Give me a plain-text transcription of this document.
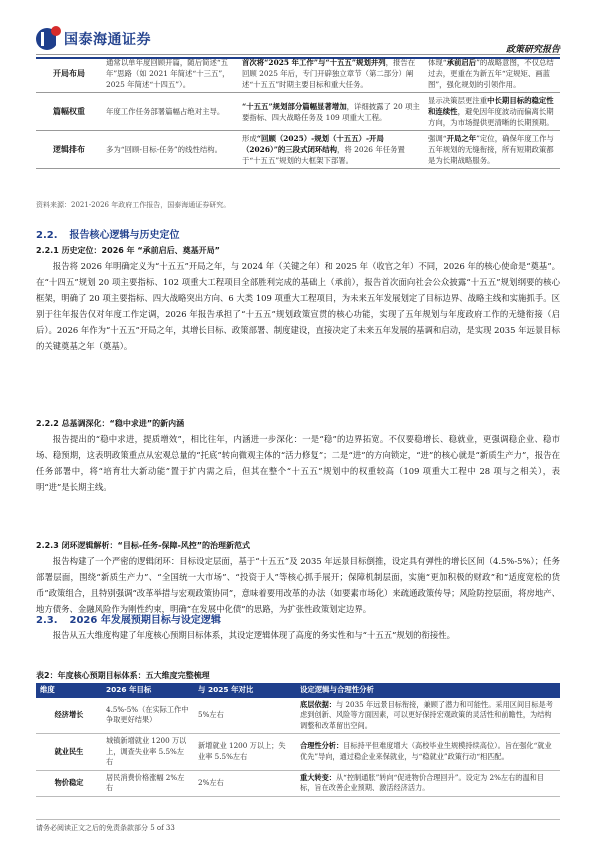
国泰海通证券
政策研究报告
开局布局	通常以单年度回顾开篇，随后简述“五年”思路（如 2021 年简述“十三五”， 2025 年简述“十四五”）。	首次将“2025 年工作”与“十五五”规划并列，报告在回顾 2025 年后，专门开辟独立章节（第二部分）阐述“十五五”时期主要目标和重大任务。	体现“承前启后”的战略意图，不仅总结过去，更重在为新五年“定规矩、画蓝图”，强化规划的引领作用。
篇幅权重	年度工作任务部署篇幅占绝对主导。	“十五五”规划部分篇幅显著增加，详细披露了 20 项主要指标、四大战略任务及 109 项重大工程。	显示决策层更注重中长期目标的稳定性和连续性，避免因年度波动而偏离长期方向，为市场提供更清晰的长期预期。
逻辑排布	多为“回顾-目标-任务”的线性结构。	形成“回顾（2025）-规划（十五五）-开局（2026）”的三段式闭环结构，将 2026 年任务置于“十五五”规划的大框架下部署。	强调“开局之年”定位，确保年度工作与五年规划的无缝衔接，所有短期政策都是为长期战略服务。
资料来源：2021-2026 年政府工作报告，国泰海通证券研究。
2.2. 报告核心逻辑与历史定位
2.2.1 历史定位：2026 年 “承前启后、奠基开局”
报告将 2026 年明确定义为“十五五”开局之年，与 2024 年（关键之年）和 2025 年（收官之年）不同，2026 年的核心使命是“奠基”。在“十四五”规划 20 项主要指标、102 项重大工程项目全部胜利完成的基础上（承前），报告首次面向社会公众披露“十五五”规划纲要的核心框架，明确了 20 项主要指标、四大战略突出方向、6 大类 109 项重大工程项目，为未来五年发展划定了目标边界、战略主线和实施抓手。区别于往年报告仅对年度工作定调，2026 年报告承担了“十五五”规划政策宣贯的核心功能，实现了五年规划与年度政府工作的无缝衔接（启后）。2026 年作为“十五五”开局之年，其增长目标、政策部署、制度建设，直接决定了未来五年发展的基调和启动，是实现 2035 年远景目标的关键奠基之年（奠基）。
2.2.2 总基调深化：“稳中求进”的新内涵
报告提出的“稳中求进，提质增效”，相比往年，内涵进一步深化：一是“稳”的边界拓宽。不仅要稳增长、稳就业，更强调稳企业、稳市场、稳预期，这表明政策重点从宏观总量的“托底”转向微观主体的“活力修复”；二是“进”的方向锁定，“进”的核心就是“新质生产力”，报告在任务部署中，将“培育壮大新动能”置于扩内需之后，但其在整个“十五五”规划中的权重较高（109 项重大工程中 28 项与之相关），表明“进”是长期主线。
2.2.3 闭环逻辑解析：“目标-任务-保障-风控”的治理新范式
报告构建了一个严密的逻辑闭环：目标设定层面，基于“十五五”及 2035 年远景目标倒推，设定具有弹性的增长区间（4.5%-5%）；任务部署层面，围绕“新质生产力”、“全国统一大市场”、“投资于人”等核心抓手展开；保障机制层面，实施“更加积极的财政”和“适度宽松的货币”政策组合，且特别强调“改革举措与宏观政策协同”，意味着要用改革的办法（如要素市场化）来疏通政策传导；风险防控层面，将房地产、地方债务、金融风险作为刚性约束，明确“在发展中化债”的思路，为扩张性政策划定边界。
2.3. 2026 年发展预期目标与设定逻辑
报告从五大维度构建了年度核心预期目标体系，其设定逻辑体现了高度的务实性和与“十五五”规划的衔接性。
表2：年度核心预期目标体系：五大维度完整梳理
维度	2026 年目标	与 2025 年对比	设定逻辑与合理性分析
经济增长	4.5%-5%（在实际工作中争取更好结果）	5%左右	底层依据：与 2035 年远景目标衔接，兼顾了潜力和可能性。采用区间目标是考虑到创新、风险等方面因素，可以更好保持宏观政策的灵活性和前瞻性，为结构调整和改革留出空间。
就业民生	城镇新增就业 1200 万以上，调查失业率 5.5%左右	新增就业 1200 万以上；失业率 5.5%左右	合理性分析：目标持平但难度增大（高校毕业生规模持续高位）。旨在强化“就业优先”导向，通过稳企业来保就业，与“稳就业”政策行动“相匹配。
物价稳定	居民消费价格涨幅 2%左右	2%左右	重大转变：从“控制通胀”转向“促进物价合理回升”。设定为 2%左右的温和目标，旨在改善企业预期、激活经济活力。
请务必阅读正文之后的免责条款部分 5 of 33
